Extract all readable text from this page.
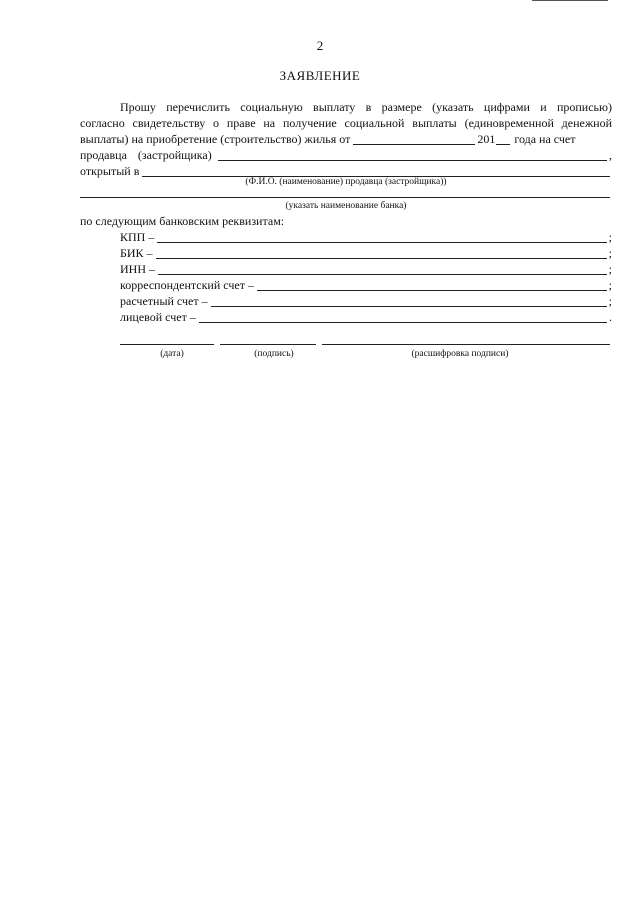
2
ЗАЯВЛЕНИЕ
Прошу перечислить социальную выплату в размере (указать цифрами и прописью)
согласно свидетельству о праве на получение социальной выплаты (единовременной денежной
выплаты) на приобретение (строительство) жилья от	201 года на счет
продавца (застройщика)	,
открытый в
(Ф.И.О. (наименование) продавца (застройщика))
(указать наименование банка)
по следующим банковским реквизитам:
КПП –	;
БИК –	;
ИНН –	;
корреспондентский счет –	;
расчетный счет –	;
лицевой счет –	.
(дата)	(подпись)	(расшифровка подписи)
